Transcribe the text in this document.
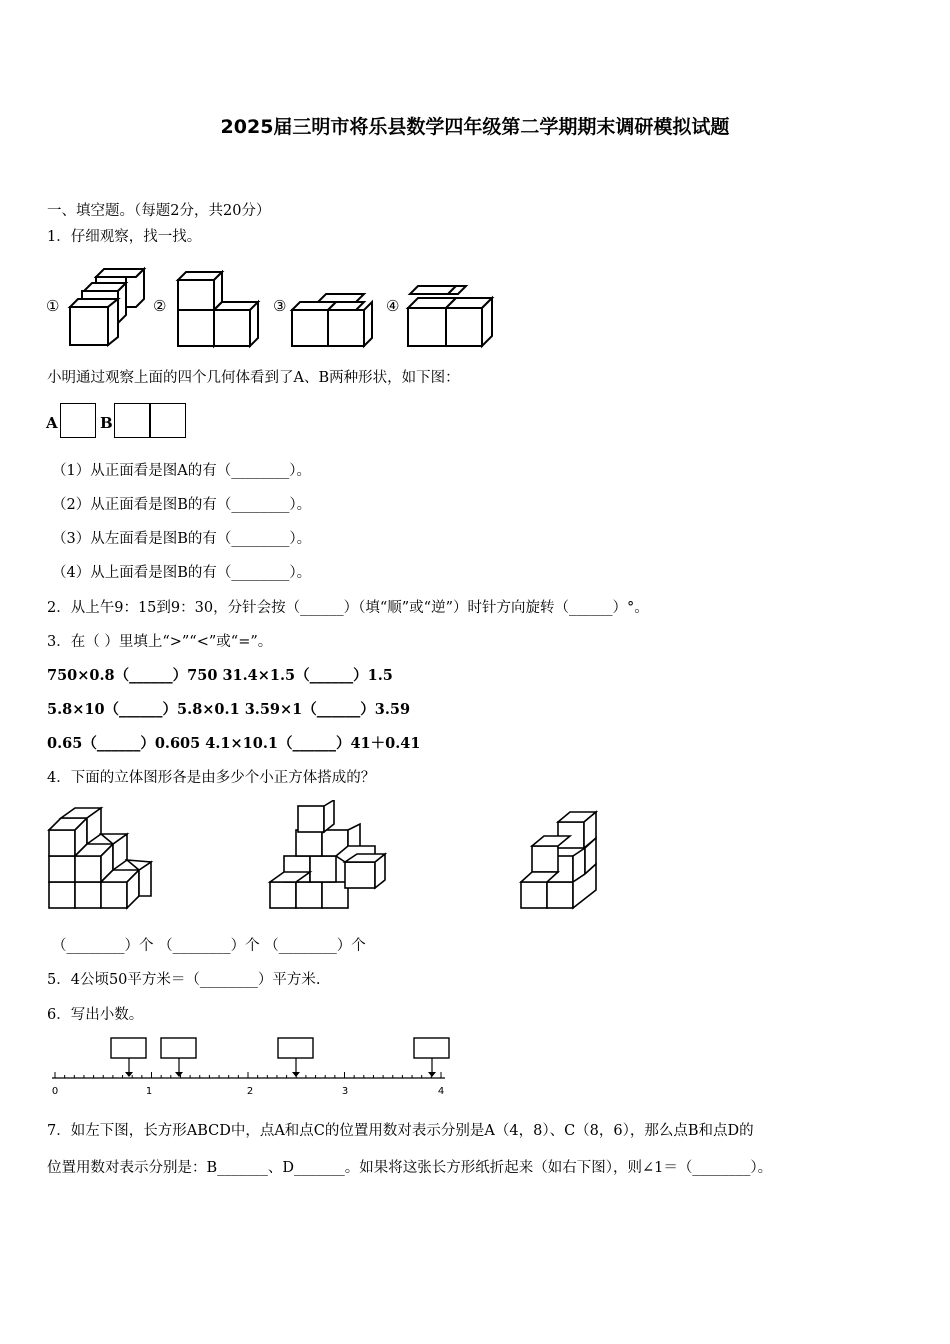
2025届三明市将乐县数学四年级第二学期期末调研模拟试题
一、填空题。（每题2分，共20分）
1．仔细观察，找一找。
①	②	③	④
小明通过观察上面的四个几何体看到了A、B两种形状，如下图：
A	B
（1）从正面看是图A的有（________）。
（2）从正面看是图B的有（________）。
（3）从左面看是图B的有（________）。
（4）从上面看是图B的有（________）。
2．从上午9：15到9：30，分针会按（______）（填“顺”或“逆”）时针方向旋转（______）°。
3．在（ ）里填上“>”“<”或“=”。
750×0.8（______）750 31.4×1.5（______）1.5
5.8×10（______）5.8×0.1 3.59×1（______）3.59
0.65（______）0.605 4.1×10.1（______）41＋0.41
4．下面的立体图形各是由多少个小正方体搭成的？
（________）个 （________）个 （________）个
5．4公顷50平方米＝（________）平方米.
6．写出小数。
0	1	2	3	4
7．如左下图，长方形ABCD中，点A和点C的位置用数对表示分别是A（4，8）、C（8，6），那么点B和点D的
位置用数对表示分别是：B_______、D_______。如果将这张长方形纸折起来（如右下图），则∠1＝（________）。
